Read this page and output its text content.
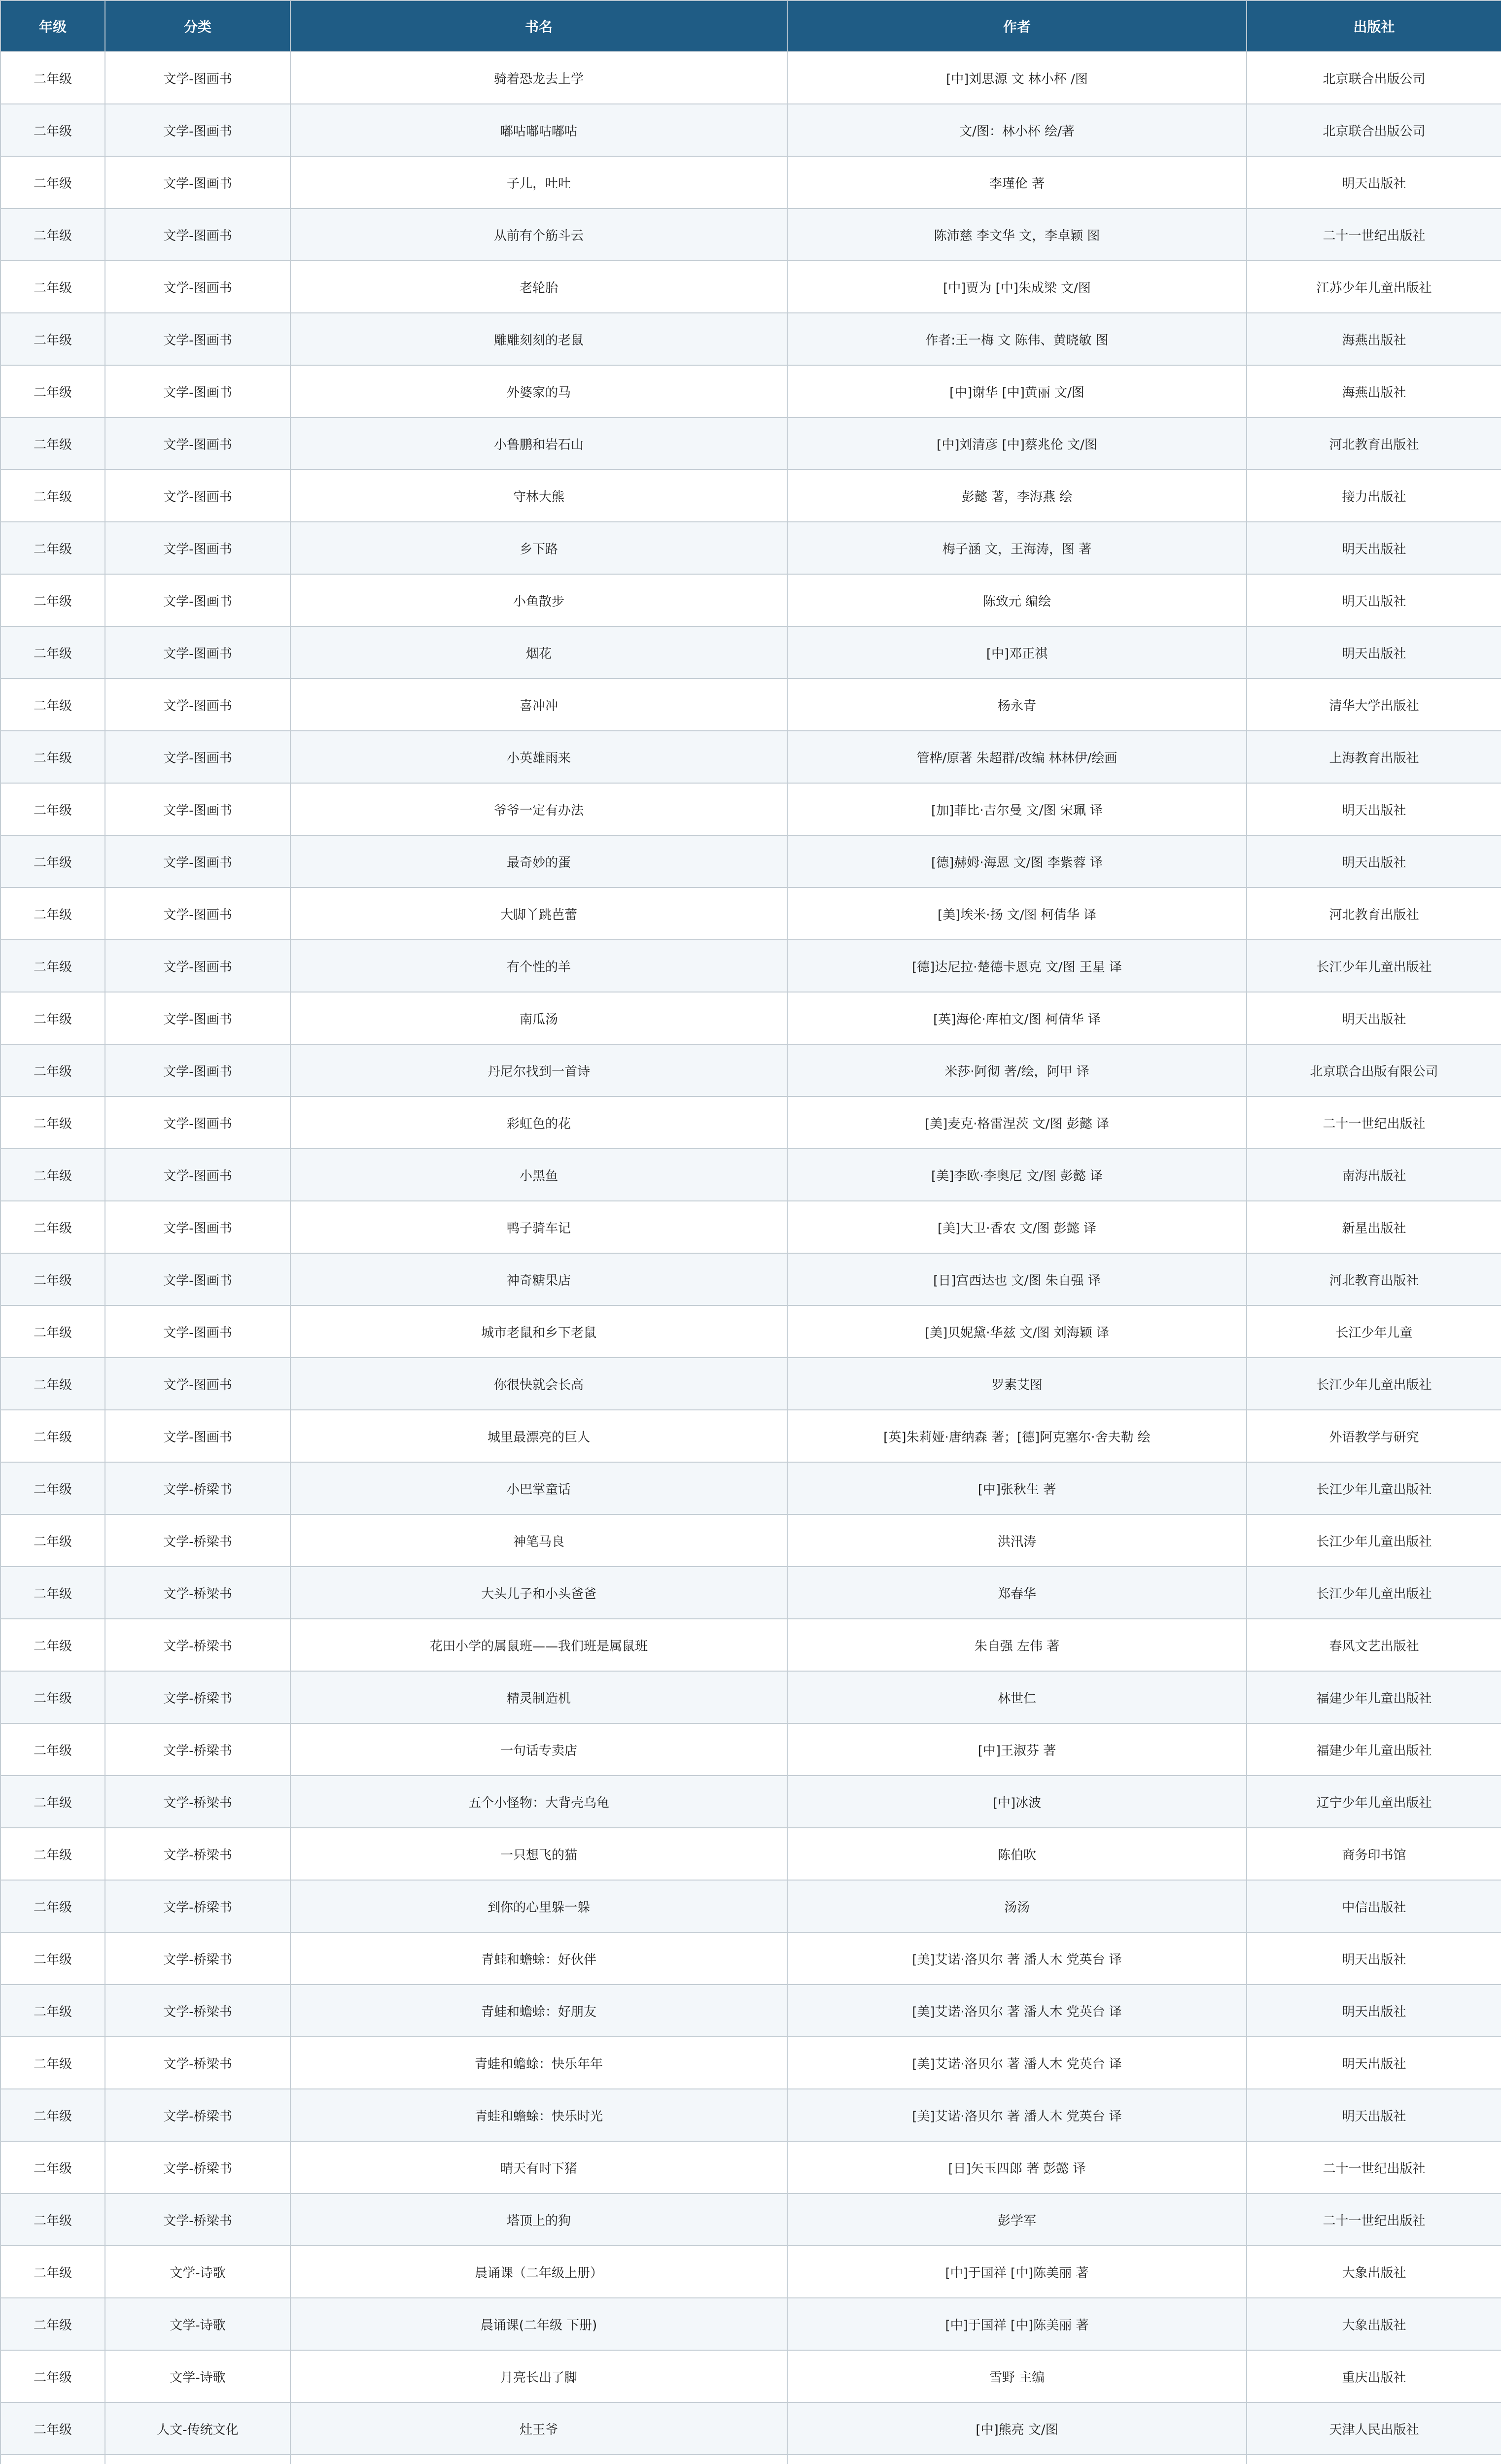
年级	分类	书名	作者	出版社
二年级	文学-图画书	骑着恐龙去上学	[中]刘思源 文 林小杯 /图	北京联合出版公司
二年级	文学-图画书	嘟咕嘟咕嘟咕	文/图：林小杯 绘/著	北京联合出版公司
二年级	文学-图画书	子儿，吐吐	李瑾伦 著	明天出版社
二年级	文学-图画书	从前有个筋斗云	陈沛慈 李文华 文，李卓颖 图	二十一世纪出版社
二年级	文学-图画书	老轮胎	[中]贾为 [中]朱成梁 文/图	江苏少年儿童出版社
二年级	文学-图画书	雕雕刻刻的老鼠	作者:王一梅 文 陈伟、黄晓敏 图	海燕出版社
二年级	文学-图画书	外婆家的马	[中]谢华 [中]黄丽 文/图	海燕出版社
二年级	文学-图画书	小鲁鹏和岩石山	[中]刘清彦 [中]蔡兆伦 文/图	河北教育出版社
二年级	文学-图画书	守林大熊	彭懿 著，李海燕 绘	接力出版社
二年级	文学-图画书	乡下路	梅子涵 文，王海涛，图 著	明天出版社
二年级	文学-图画书	小鱼散步	陈致元 编绘	明天出版社
二年级	文学-图画书	烟花	[中]邓正祺	明天出版社
二年级	文学-图画书	喜冲冲	杨永青	清华大学出版社
二年级	文学-图画书	小英雄雨来	管桦/原著 朱超群/改编 林林伊/绘画	上海教育出版社
二年级	文学-图画书	爷爷一定有办法	[加]菲比·吉尔曼 文/图 宋珮 译	明天出版社
二年级	文学-图画书	最奇妙的蛋	[德]赫姆·海恩 文/图 李紫蓉 译	明天出版社
二年级	文学-图画书	大脚丫跳芭蕾	[美]埃米·扬 文/图 柯倩华 译	河北教育出版社
二年级	文学-图画书	有个性的羊	[德]达尼拉·楚德卡恩克 文/图 王星 译	长江少年儿童出版社
二年级	文学-图画书	南瓜汤	[英]海伦·库柏文/图 柯倩华 译	明天出版社
二年级	文学-图画书	丹尼尔找到一首诗	米莎·阿彻 著/绘，阿甲 译	北京联合出版有限公司
二年级	文学-图画书	彩虹色的花	[美]麦克·格雷涅茨 文/图 彭懿 译	二十一世纪出版社
二年级	文学-图画书	小黑鱼	[美]李欧·李奥尼 文/图 彭懿 译	南海出版社
二年级	文学-图画书	鸭子骑车记	[美]大卫·香农 文/图 彭懿 译	新星出版社
二年级	文学-图画书	神奇糖果店	[日]宫西达也 文/图 朱自强 译	河北教育出版社
二年级	文学-图画书	城市老鼠和乡下老鼠	[美]贝妮黛·华兹 文/图 刘海颖 译	长江少年儿童
二年级	文学-图画书	你很快就会长高	罗素艾图	长江少年儿童出版社
二年级	文学-图画书	城里最漂亮的巨人	[英]朱莉娅·唐纳森 著；[德]阿克塞尔·舍夫勒 绘	外语教学与研究
二年级	文学-桥梁书	小巴掌童话	[中]张秋生 著	长江少年儿童出版社
二年级	文学-桥梁书	神笔马良	洪汛涛	长江少年儿童出版社
二年级	文学-桥梁书	大头儿子和小头爸爸	郑春华	长江少年儿童出版社
二年级	文学-桥梁书	花田小学的属鼠班——我们班是属鼠班	朱自强 左伟 著	春风文艺出版社
二年级	文学-桥梁书	精灵制造机	林世仁	福建少年儿童出版社
二年级	文学-桥梁书	一句话专卖店	[中]王淑芬 著	福建少年儿童出版社
二年级	文学-桥梁书	五个小怪物：大背壳乌龟	[中]冰波	辽宁少年儿童出版社
二年级	文学-桥梁书	一只想飞的猫	陈伯吹	商务印书馆
二年级	文学-桥梁书	到你的心里躲一躲	汤汤	中信出版社
二年级	文学-桥梁书	青蛙和蟾蜍：好伙伴	[美]艾诺·洛贝尔 著 潘人木 党英台 译	明天出版社
二年级	文学-桥梁书	青蛙和蟾蜍：好朋友	[美]艾诺·洛贝尔 著 潘人木 党英台 译	明天出版社
二年级	文学-桥梁书	青蛙和蟾蜍：快乐年年	[美]艾诺·洛贝尔 著 潘人木 党英台 译	明天出版社
二年级	文学-桥梁书	青蛙和蟾蜍：快乐时光	[美]艾诺·洛贝尔 著 潘人木 党英台 译	明天出版社
二年级	文学-桥梁书	晴天有时下猪	[日]矢玉四郎 著 彭懿 译	二十一世纪出版社
二年级	文学-桥梁书	塔顶上的狗	彭学军	二十一世纪出版社
二年级	文学-诗歌	晨诵课（二年级上册）	[中]于国祥 [中]陈美丽 著	大象出版社
二年级	文学-诗歌	晨诵课(二年级 下册)	[中]于国祥 [中]陈美丽 著	大象出版社
二年级	文学-诗歌	月亮长出了脚	雪野 主编	重庆出版社
二年级	人文-传统文化	灶王爷	[中]熊亮 文/图	天津人民出版社
